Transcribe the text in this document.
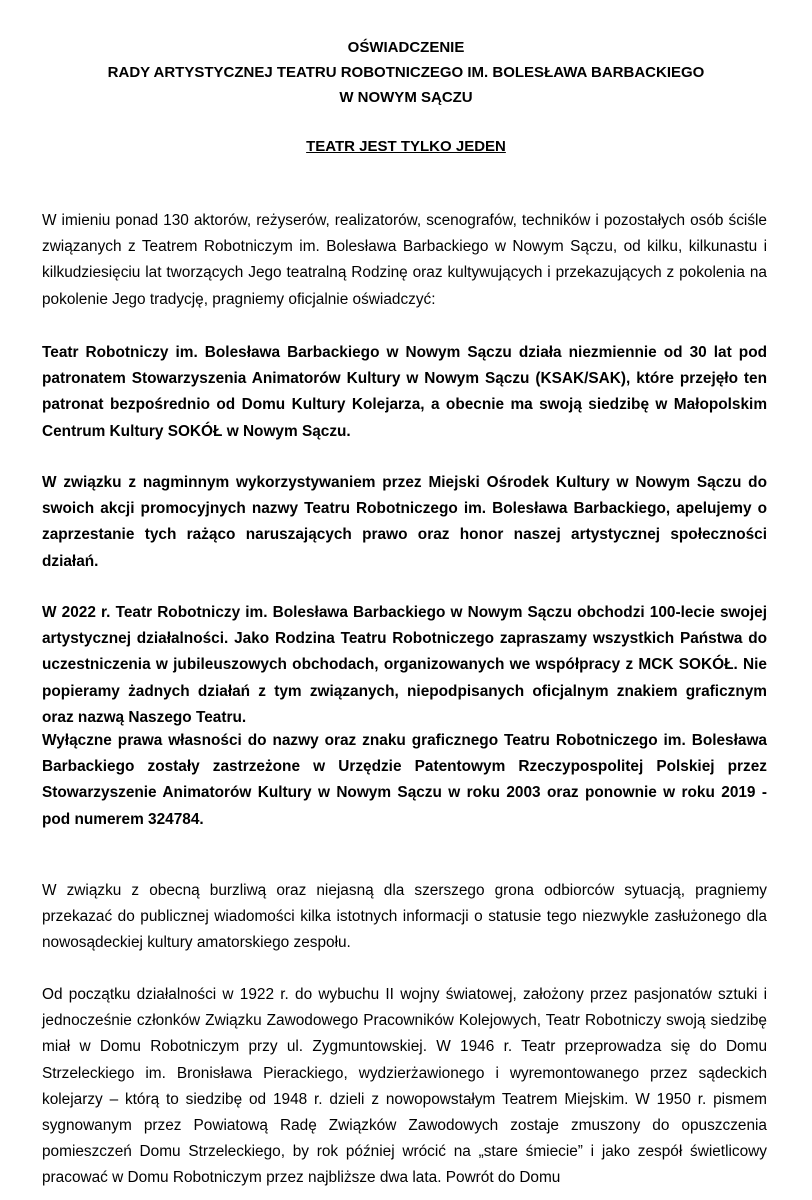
OŚWIADCZENIE
RADY ARTYSTYCZNEJ TEATRU ROBOTNICZEGO IM. BOLESŁAWA BARBACKIEGO
W NOWYM SĄCZU
TEATR JEST TYLKO JEDEN

W imieniu ponad 130 aktorów, reżyserów, realizatorów, scenografów, techników i pozostałych osób ściśle związanych z Teatrem Robotniczym im. Bolesława Barbackiego w Nowym Sączu, od kilku, kilkunastu i kilkudziesięciu lat tworzących Jego teatralną Rodzinę oraz kultywujących i przekazujących z pokolenia na pokolenie Jego tradycję, pragniemy oficjalnie oświadczyć:

Teatr Robotniczy im. Bolesława Barbackiego w Nowym Sączu działa niezmiennie od 30 lat pod patronatem Stowarzyszenia Animatorów Kultury w Nowym Sączu (KSAK/SAK), które przejęło ten patronat bezpośrednio od Domu Kultury Kolejarza, a obecnie ma swoją siedzibę w Małopolskim Centrum Kultury SOKÓŁ w Nowym Sączu.

W związku z nagminnym wykorzystywaniem przez Miejski Ośrodek Kultury w Nowym Sączu do swoich akcji promocyjnych nazwy Teatru Robotniczego im. Bolesława Barbackiego, apelujemy o zaprzestanie tych rażąco naruszających prawo oraz honor naszej artystycznej społeczności działań.

W 2022 r. Teatr Robotniczy im. Bolesława Barbackiego w Nowym Sączu obchodzi 100-lecie swojej artystycznej działalności. Jako Rodzina Teatru Robotniczego zapraszamy wszystkich Państwa do uczestniczenia w jubileuszowych obchodach, organizowanych we współpracy z MCK SOKÓŁ. Nie popieramy żadnych działań z tym związanych, niepodpisanych oficjalnym znakiem graficznym oraz nazwą Naszego Teatru.

Wyłączne prawa własności do nazwy oraz znaku graficznego Teatru Robotniczego im. Bolesława Barbackiego zostały zastrzeżone w Urzędzie Patentowym Rzeczypospolitej Polskiej przez Stowarzyszenie Animatorów Kultury w Nowym Sączu w roku 2003 oraz ponownie w roku 2019 - pod numerem 324784.

W związku z obecną burzliwą oraz niejasną dla szerszego grona odbiorców sytuacją, pragniemy przekazać do publicznej wiadomości kilka istotnych informacji o statusie tego niezwykle zasłużonego dla nowosądeckiej kultury amatorskiego zespołu.

Od początku działalności w 1922 r. do wybuchu II wojny światowej, założony przez pasjonatów sztuki i jednocześnie członków Związku Zawodowego Pracowników Kolejowych, Teatr Robotniczy swoją siedzibę miał w Domu Robotniczym przy ul. Zygmuntowskiej. W 1946 r. Teatr przeprowadza się do Domu Strzeleckiego im. Bronisława Pierackiego, wydzierżawionego i wyremontowanego przez sądeckich kolejarzy – którą to siedzibę od 1948 r. dzieli z nowopowstałym Teatrem Miejskim. W 1950 r. pismem sygnowanym przez Powiatową Radę Związków Zawodowych zostaje zmuszony do opuszczenia pomieszczeń Domu Strzeleckiego, by rok później wrócić na „stare śmiecie” i jako zespół świetlicowy pracować w Domu Robotniczym przez najbliższe dwa lata. Powrót do Domu
